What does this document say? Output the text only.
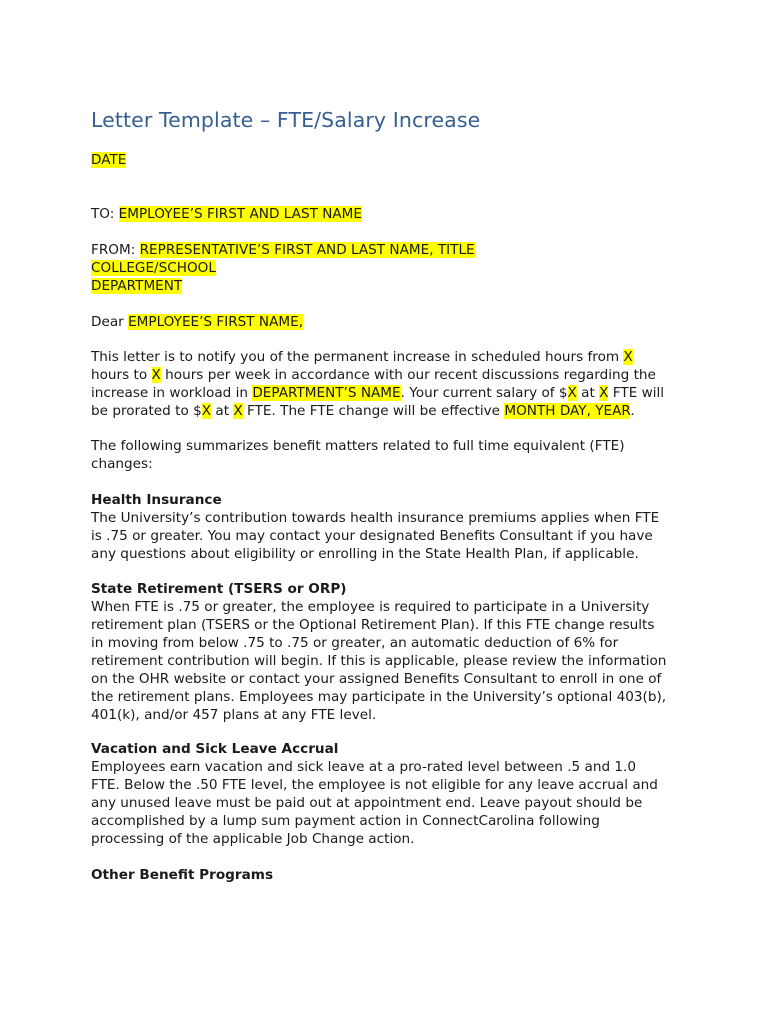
Letter Template – FTE/Salary Increase
DATE
TO: EMPLOYEE’S FIRST AND LAST NAME
FROM: REPRESENTATIVE’S FIRST AND LAST NAME, TITLE
COLLEGE/SCHOOL
DEPARTMENT
Dear EMPLOYEE’S FIRST NAME,
This letter is to notify you of the permanent increase in scheduled hours from X
hours to X hours per week in accordance with our recent discussions regarding the
increase in workload in DEPARTMENT’S NAME. Your current salary of $X at X FTE will
be prorated to $X at X FTE. The FTE change will be effective MONTH DAY, YEAR.
The following summarizes benefit matters related to full time equivalent (FTE)
changes:
Health Insurance
The University’s contribution towards health insurance premiums applies when FTE
is .75 or greater. You may contact your designated Benefits Consultant if you have
any questions about eligibility or enrolling in the State Health Plan, if applicable.
State Retirement (TSERS or ORP)
When FTE is .75 or greater, the employee is required to participate in a University
retirement plan (TSERS or the Optional Retirement Plan). If this FTE change results
in moving from below .75 to .75 or greater, an automatic deduction of 6% for
retirement contribution will begin. If this is applicable, please review the information
on the OHR website or contact your assigned Benefits Consultant to enroll in one of
the retirement plans. Employees may participate in the University’s optional 403(b),
401(k), and/or 457 plans at any FTE level.
Vacation and Sick Leave Accrual
Employees earn vacation and sick leave at a pro-rated level between .5 and 1.0
FTE. Below the .50 FTE level, the employee is not eligible for any leave accrual and
any unused leave must be paid out at appointment end. Leave payout should be
accomplished by a lump sum payment action in ConnectCarolina following
processing of the applicable Job Change action.
Other Benefit Programs
